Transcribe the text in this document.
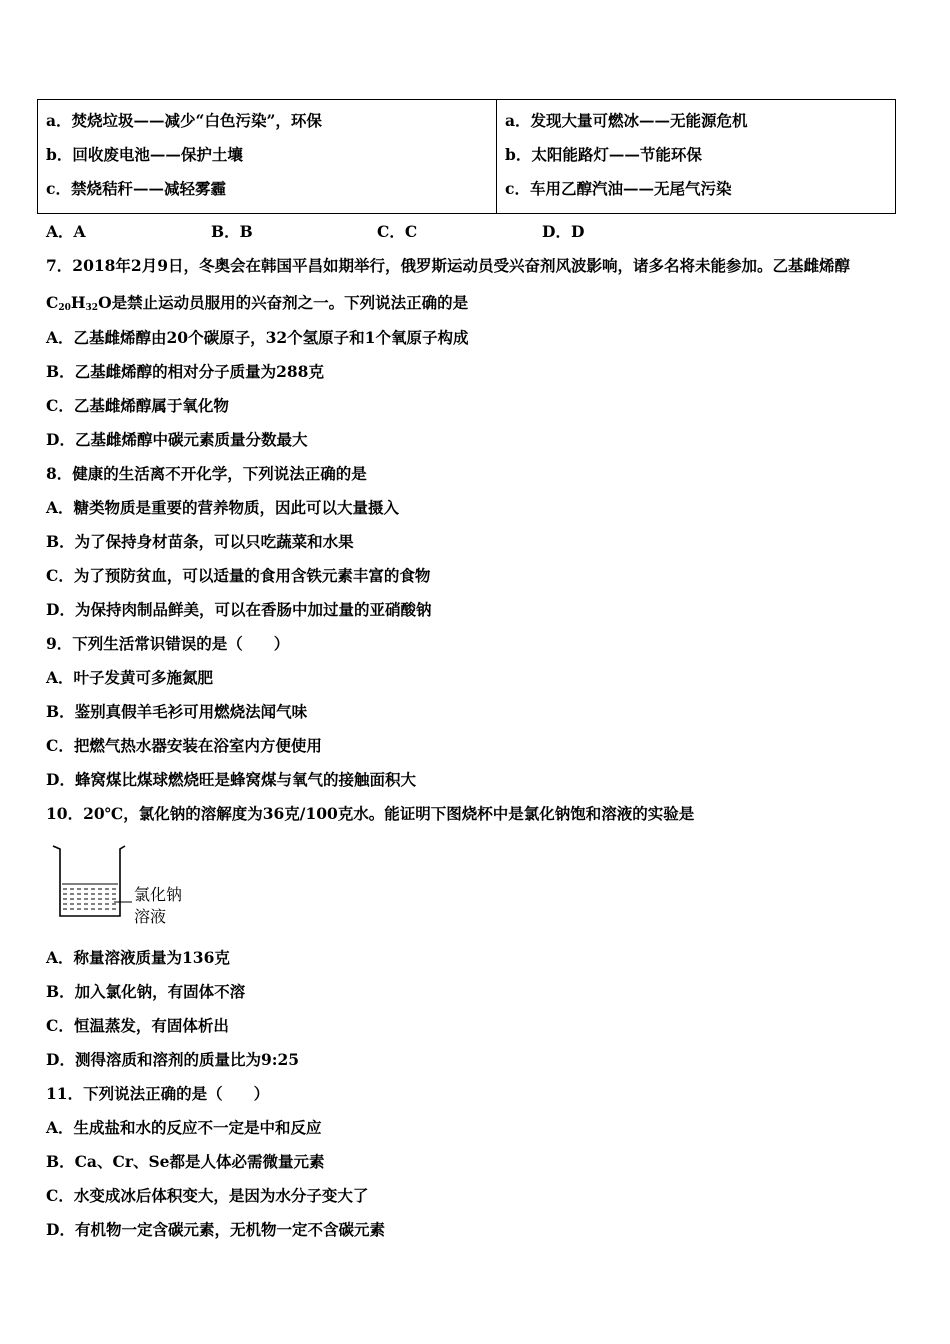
a．焚烧垃圾——减少“白色污染”，环保
b．回收废电池——保护土壤
c．禁烧秸秆——减轻雾霾
a．发现大量可燃冰——无能源危机
b．太阳能路灯——节能环保
c．车用乙醇汽油——无尾气污染
A．A	B．B	C．C	D．D
7．2018年2月9日，冬奥会在韩国平昌如期举行，俄罗斯运动员受兴奋剂风波影响，诸多名将未能参加。乙基雌烯醇
$C_{20}H_{32}O$是禁止运动员服用的兴奋剂之一。下列说法正确的是
A．乙基雌烯醇由20个碳原子，32个氢原子和1个氧原子构成
B．乙基雌烯醇的相对分子质量为288克
C．乙基雌烯醇属于氧化物
D．乙基雌烯醇中碳元素质量分数最大
8．健康的生活离不开化学，下列说法正确的是
A．糖类物质是重要的营养物质，因此可以大量摄入
B．为了保持身材苗条，可以只吃蔬菜和水果
C．为了预防贫血，可以适量的食用含铁元素丰富的食物
D．为保持肉制品鲜美，可以在香肠中加过量的亚硝酸钠
9．下列生活常识错误的是（　　）
A．叶子发黄可多施氮肥
B．鉴别真假羊毛衫可用燃烧法闻气味
C．把燃气热水器安装在浴室内方便使用
D．蜂窝煤比煤球燃烧旺是蜂窝煤与氧气的接触面积大
10．20℃，氯化钠的溶解度为36克/100克水。能证明下图烧杯中是氯化钠饱和溶液的实验是
氯化钠
溶液
A．称量溶液质量为136克
B．加入氯化钠，有固体不溶
C．恒温蒸发，有固体析出
D．测得溶质和溶剂的质量比为9:25
11．下列说法正确的是（　　）
A．生成盐和水的反应不一定是中和反应
B．Ca、Cr、Se都是人体必需微量元素
C．水变成冰后体积变大，是因为水分子变大了
D．有机物一定含碳元素，无机物一定不含碳元素
